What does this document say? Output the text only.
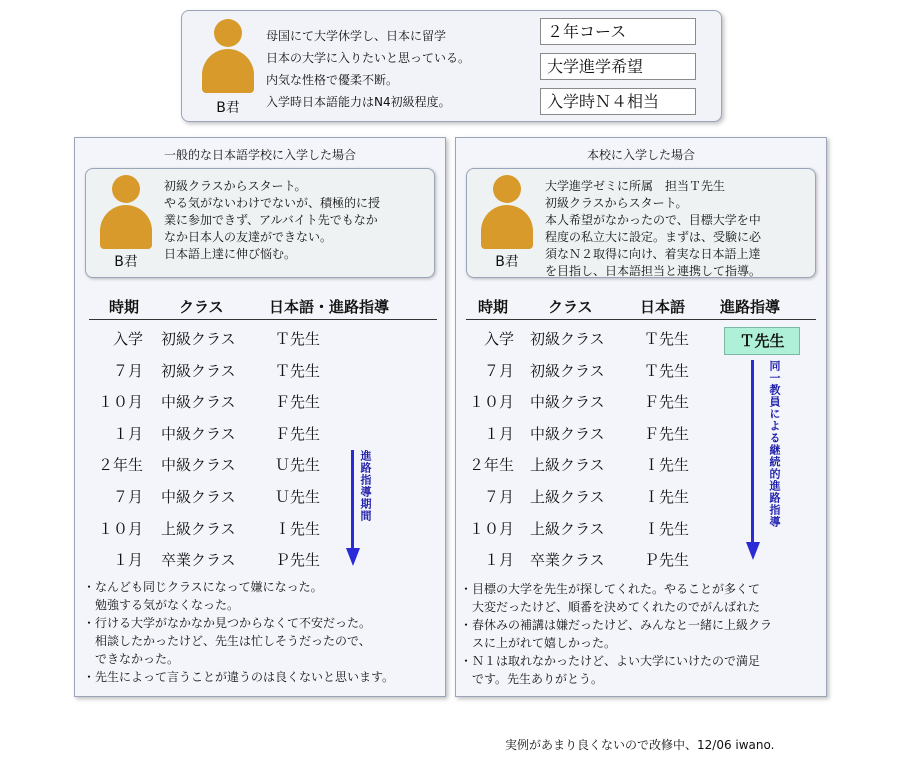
B君
母国にて大学休学し、日本に留学
日本の大学に入りたいと思っている。
内気な性格で優柔不断。
入学時日本語能力はN4初級程度。
２年コース
大学進学希望
入学時Ｎ４相当
一般的な日本語学校に入学した場合
B君
初級クラスからスタート。
やる気がないわけでないが、積極的に授
業に参加できず、アルバイト先でもなか
なか日本人の友達ができない。
日本語上達に伸び悩む。
時期	クラス	日本語・進路指導
入学 初級クラス	Ｔ先生
７月 初級クラス	Ｔ先生
１０月 中級クラス	Ｆ先生
１月 中級クラス	Ｆ先生
２年生 中級クラス	Ｕ先生
７月 中級クラス	Ｕ先生
１０月 上級クラス	Ｉ先生
１月 卒業クラス	Ｐ先生
進路指導期間
・なんども同じクラスになって嫌になった。
　勉強する気がなくなった。
・行ける大学がなかなか見つからなくて不安だった。
　相談したかったけど、先生は忙しそうだったので、
　できなかった。
・先生によって言うことが違うのは良くないと思います。
本校に入学した場合
B君
大学進学ゼミに所属　担当Ｔ先生
初級クラスからスタート。
本人希望がなかったので、目標大学を中
程度の私立大に設定。まずは、受験に必
須なＮ２取得に向け、着実な日本語上達
を目指し、日本語担当と連携して指導。
時期	クラス	日本語 進路指導
入学 初級クラス	Ｔ先生
７月 初級クラス	Ｔ先生
１０月 中級クラス	Ｆ先生
１月 中級クラス	Ｆ先生
２年生 上級クラス	Ｉ先生
７月 上級クラス	Ｉ先生
１０月 上級クラス	Ｉ先生
１月 卒業クラス	Ｐ先生
Ｔ先生
同一教員による継続的進路指導
・目標の大学を先生が探してくれた。やることが多くて
　大変だったけど、順番を決めてくれたのでがんばれた
・春休みの補講は嫌だったけど、みんなと一緒に上級クラ
　スに上がれて嬉しかった。
・Ｎ１は取れなかったけど、よい大学にいけたので満足
　です。先生ありがとう。
実例があまり良くないので改修中、12/06 iwano.
